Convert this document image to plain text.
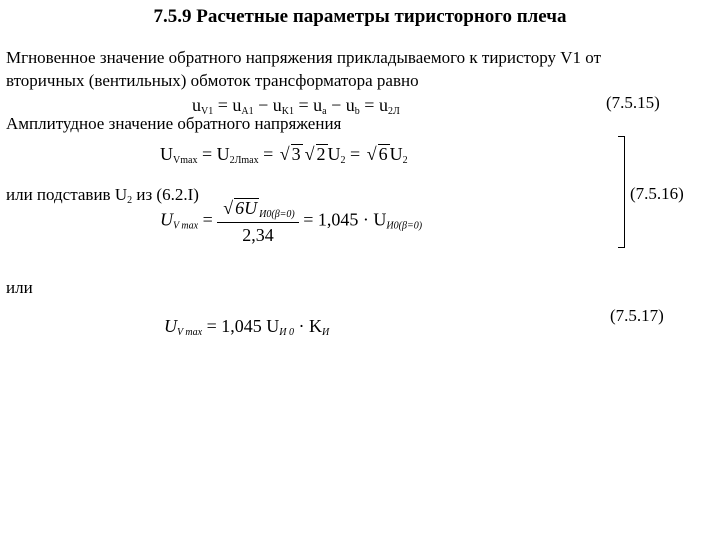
7.5.9 Расчетные параметры тиристорного плеча
Мгновенное значение обратного напряжения прикладываемого к тиристору V1 от
вторичных (вентильных) обмоток трансформатора равно
$u_{V1} = u_{A1} - u_{K1} = u_a - u_b = u_{2Л}$	(7.5.15)
Амплитудное значение обратного напряжения
$U_{Vmax} = U_{2Лmax}$ = √ 3 √ 2 $U_2$ = √ 6 $U_2$
или подставив $U_2$ из (6.2.I)
$U_{V max} = \frac{√ 6U _{И0(\beta=0)}}{2,34} = 1,045 \cdot U_{И0(\beta=0)}$
(7.5.16)
или
$U_{V max} = 1,045$ $U_{И 0} \cdot K_И$
(7.5.17)
